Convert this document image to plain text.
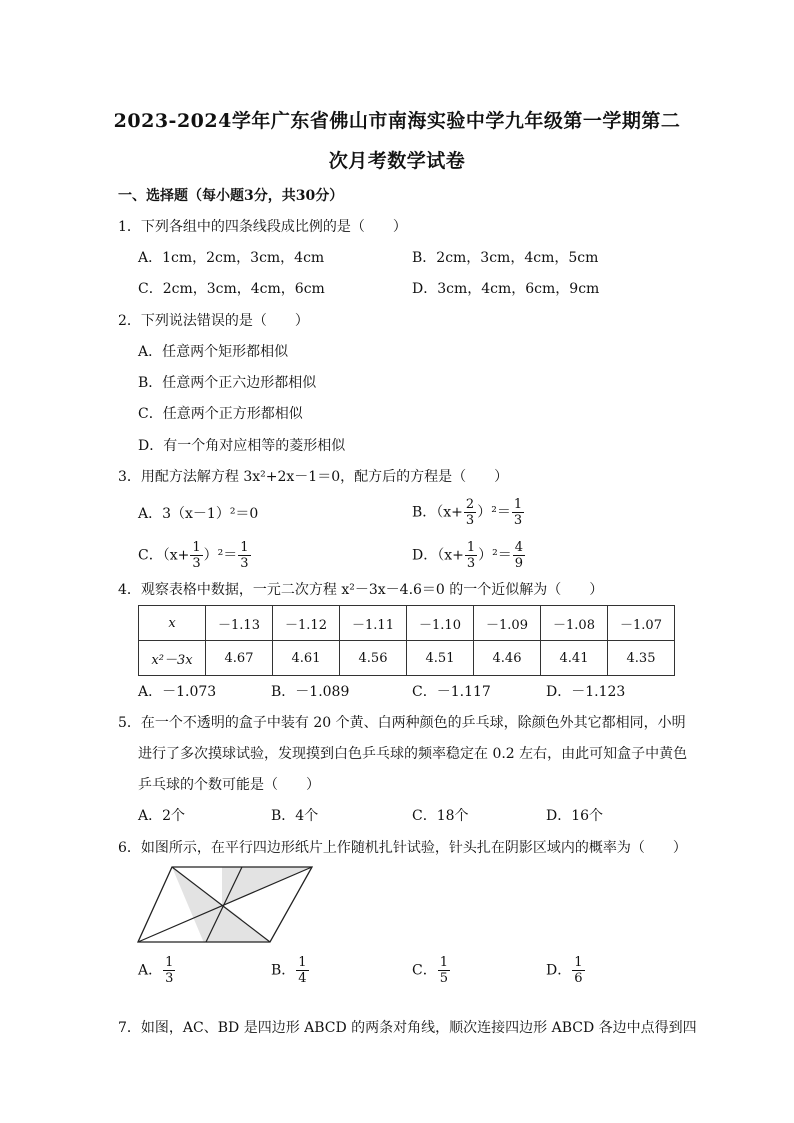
2023-2024学年广东省佛山市南海实验中学九年级第一学期第二
次月考数学试卷
一、选择题（每小题3分，共30分）
1．下列各组中的四条线段成比例的是（　　）
A．1cm，2cm，3cm，4cm	B．2cm，3cm，4cm，5cm
C．2cm，3cm，4cm，6cm	D．3cm，4cm，6cm，9cm
2．下列说法错误的是（　　）
A．任意两个矩形都相似
B．任意两个正六边形都相似
C．任意两个正方形都相似
D．有一个角对应相等的菱形相似
3．用配方法解方程 3x²+2x－1＝0，配方后的方程是（　　）
A．3（x－1）²＝0	B．$(x+ \frac{2}{3} )^2= \frac{1}{3}$
C．$(x+ \frac{1}{3} )^2= \frac{1}{3}$	D．$(x+ \frac{1}{3} )^2= \frac{4}{9}$
4．观察表格中数据，一元二次方程 x²－3x－4.6＝0 的一个近似解为（　　）
x	－1.13	－1.12	－1.11	－1.10	－1.09	－1.08	－1.07
x²－3x	4.67	4.61	4.56	4.51	4.46	4.41	4.35
A．－1.073	B．－1.089	C．－1.117	D．－1.123
5．在一个不透明的盒子中装有 20 个黄、白两种颜色的乒乓球，除颜色外其它都相同，小明
进行了多次摸球试验，发现摸到白色乒乓球的频率稳定在 0.2 左右，由此可知盒子中黄色
乒乓球的个数可能是（　　）
A．2个	B．4个	C．18个	D．16个
6．如图所示，在平行四边形纸片上作随机扎针试验，针头扎在阴影区域内的概率为（　　）
A． $\frac{1}{3}$	B． $\frac{1}{4}$	C． $\frac{1}{5}$	D． $\frac{1}{6}$
7．如图，AC、BD 是四边形 ABCD 的两条对角线，顺次连接四边形 ABCD 各边中点得到四
